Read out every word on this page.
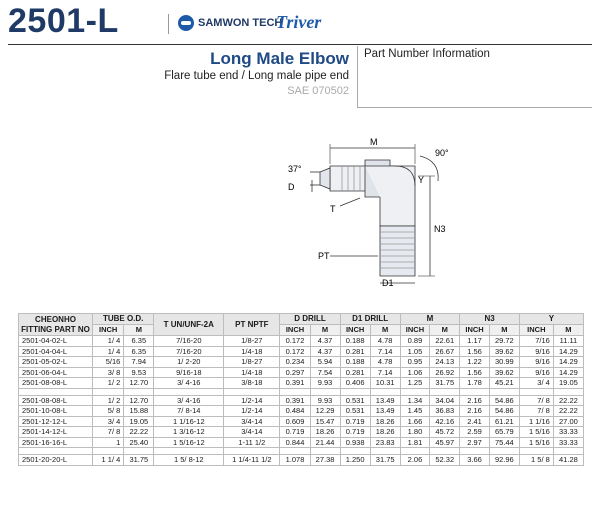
2501-L	SAMWON TECH
Triver
Long Male Elbow
Flare tube end / Long male pipe end
SAE 070502
Part Number Information
M
90°
37°
D
T
Y
N3
PT
D1
CHEONHO FITTING PART NO	TUBE O.D.		T UN/UNF-2A	PT NPTF	D DRILL		D1 DRILL		M		N3		Y	
	INCH	M			INCH	M	INCH	M	INCH	M	INCH	M	INCH	M
2501-04-02-L	1/ 4	6.35	7/16-20	1/8-27	0.172	4.37	0.188	4.78	0.89	22.61	1.17	29.72	7/16	11.11
2501-04-04-L	1/ 4	6.35	7/16-20	1/4-18	0.172	4.37	0.281	7.14	1.05	26.67	1.56	39.62	9/16	14.29
2501-05-02-L	5/16	7.94	1/ 2-20	1/8-27	0.234	5.94	0.188	4.78	0.95	24.13	1.22	30.99	9/16	14.29
2501-06-04-L	3/ 8	9.53	9/16-18	1/4-18	0.297	7.54	0.281	7.14	1.06	26.92	1.56	39.62	9/16	14.29
2501-08-08-L	1/ 2	12.70	3/ 4-16	3/8-18	0.391	9.93	0.406	10.31	1.25	31.75	1.78	45.21	3/ 4	19.05

2501-08-08-L	1/ 2	12.70	3/ 4-16	1/2-14	0.391	9.93	0.531	13.49	1.34	34.04	2.16	54.86	7/ 8	22.22
2501-10-08-L	5/ 8	15.88	7/ 8-14	1/2-14	0.484	12.29	0.531	13.49	1.45	36.83	2.16	54.86	7/ 8	22.22
2501-12-12-L	3/ 4	19.05	1 1/16-12	3/4-14	0.609	15.47	0.719	18.26	1.66	42.16	2.41	61.21	1 1/16	27.00
2501-14-12-L	7/ 8	22.22	1 3/16-12	3/4-14	0.719	18.26	0.719	18.26	1.80	45.72	2.59	65.79	1 5/16	33.33
2501-16-16-L	1	25.40	1 5/16-12	1-11 1/2	0.844	21.44	0.938	23.83	1.81	45.97	2.97	75.44	1 5/16	33.33

2501-20-20-L	1 1/ 4	31.75	1 5/ 8-12	1 1/4-11 1/2	1.078	27.38	1.250	31.75	2.06	52.32	3.66	92.96	1 5/ 8	41.28
